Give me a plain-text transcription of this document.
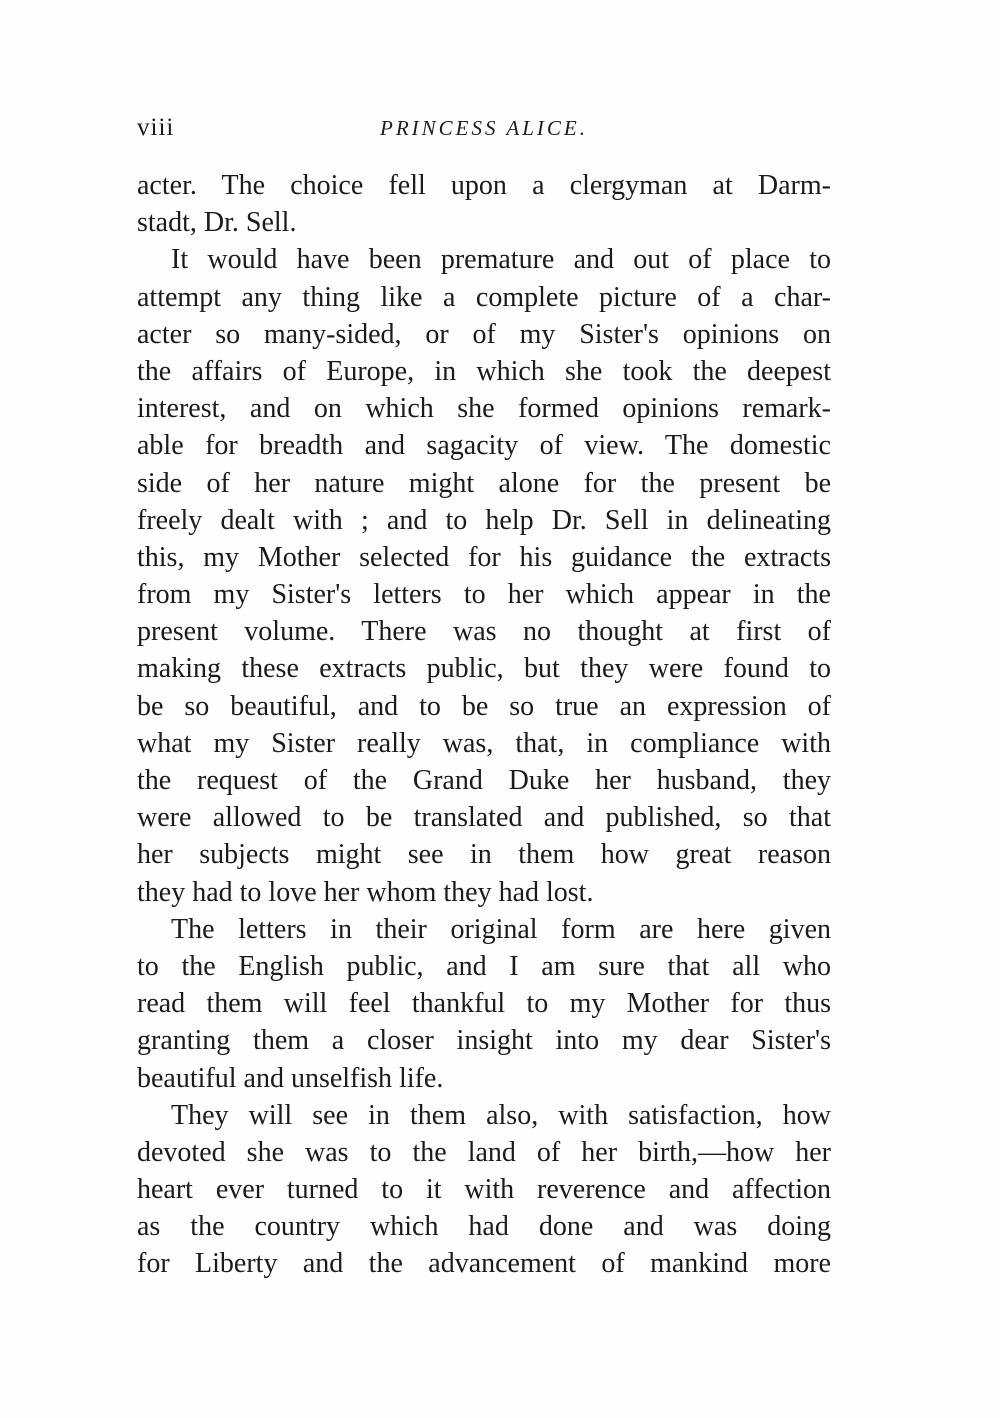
viii	PRINCESS ALICE.
acter. The choice fell upon a clergyman at Darm-
stadt, Dr. Sell.
It would have been premature and out of place to
attempt any thing like a complete picture of a char-
acter so many-sided, or of my Sister's opinions on
the affairs of Europe, in which she took the deepest
interest, and on which she formed opinions remark-
able for breadth and sagacity of view. The domestic
side of her nature might alone for the present be
freely dealt with ; and to help Dr. Sell in delineating
this, my Mother selected for his guidance the extracts
from my Sister's letters to her which appear in the
present volume. There was no thought at first of
making these extracts public, but they were found to
be so beautiful, and to be so true an expression of
what my Sister really was, that, in compliance with
the request of the Grand Duke her husband, they
were allowed to be translated and published, so that
her subjects might see in them how great reason
they had to love her whom they had lost.
The letters in their original form are here given
to the English public, and I am sure that all who
read them will feel thankful to my Mother for thus
granting them a closer insight into my dear Sister's
beautiful and unselfish life.
They will see in them also, with satisfaction, how
devoted she was to the land of her birth,—how her
heart ever turned to it with reverence and affection
as the country which had done and was doing
for Liberty and the advancement of mankind more
